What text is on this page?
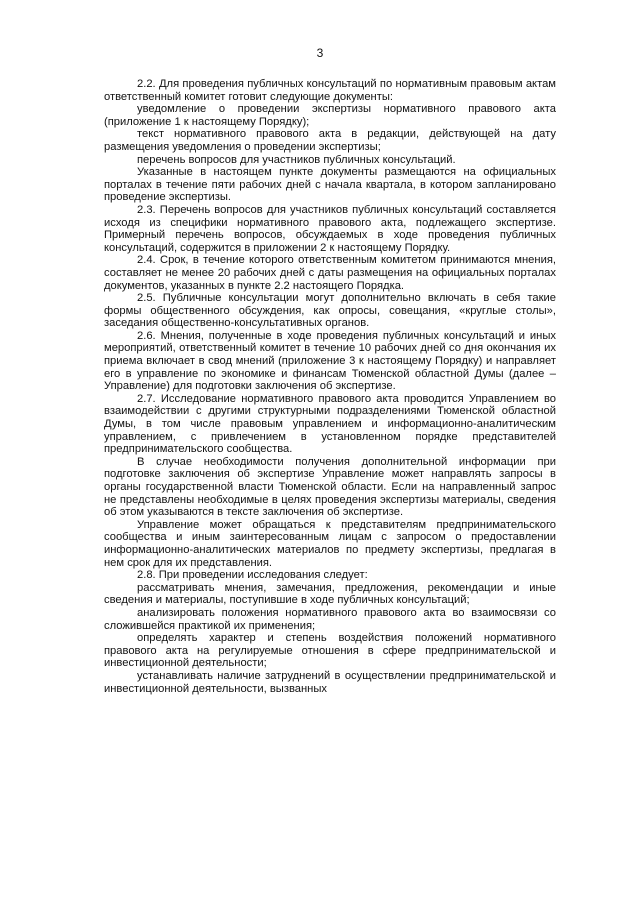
3

2.2. Для проведения публичных консультаций по нормативным правовым актам ответственный комитет готовит следующие документы:

уведомление о проведении экспертизы нормативного правового акта (приложение 1 к настоящему Порядку);

текст нормативного правового акта в редакции, действующей на дату размещения уведомления о проведении экспертизы;

перечень вопросов для участников публичных консультаций.

Указанные в настоящем пункте документы размещаются на официальных порталах в течение пяти рабочих дней с начала квартала, в котором запланировано проведение экспертизы.

2.3. Перечень вопросов для участников публичных консультаций составляется исходя из специфики нормативного правового акта, подлежащего экспертизе. Примерный перечень вопросов, обсуждаемых в ходе проведения публичных консультаций, содержится в приложении 2 к настоящему Порядку.

2.4. Срок, в течение которого ответственным комитетом принимаются мнения, составляет не менее 20 рабочих дней с даты размещения на официальных порталах документов, указанных в пункте 2.2 настоящего Порядка.

2.5. Публичные консультации могут дополнительно включать в себя такие формы общественного обсуждения, как опросы, совещания, «круглые столы», заседания общественно-консультативных органов.

2.6. Мнения, полученные в ходе проведения публичных консультаций и иных мероприятий, ответственный комитет в течение 10 рабочих дней со дня окончания их приема включает в свод мнений (приложение 3 к настоящему Порядку) и направляет его в управление по экономике и финансам Тюменской областной Думы (далее – Управление) для подготовки заключения об экспертизе.

2.7. Исследование нормативного правового акта проводится Управлением во взаимодействии с другими структурными подразделениями Тюменской областной Думы, в том числе правовым управлением и информационно-аналитическим управлением, с привлечением в установленном порядке представителей предпринимательского сообщества.

В случае необходимости получения дополнительной информации при подготовке заключения об экспертизе Управление может направлять запросы в органы государственной власти Тюменской области. Если на направленный запрос не представлены необходимые в целях проведения экспертизы материалы, сведения об этом указываются в тексте заключения об экспертизе.

Управление может обращаться к представителям предпринимательского сообщества и иным заинтересованным лицам с запросом о предоставлении информационно-аналитических материалов по предмету экспертизы, предлагая в нем срок для их представления.

2.8. При проведении исследования следует:

рассматривать мнения, замечания, предложения, рекомендации и иные сведения и материалы, поступившие в ходе публичных консультаций;

анализировать положения нормативного правового акта во взаимосвязи со сложившейся практикой их применения;

определять характер и степень воздействия положений нормативного правового акта на регулируемые отношения в сфере предпринимательской и инвестиционной деятельности;

устанавливать наличие затруднений в осуществлении предпринимательской и инвестиционной деятельности, вызванных
